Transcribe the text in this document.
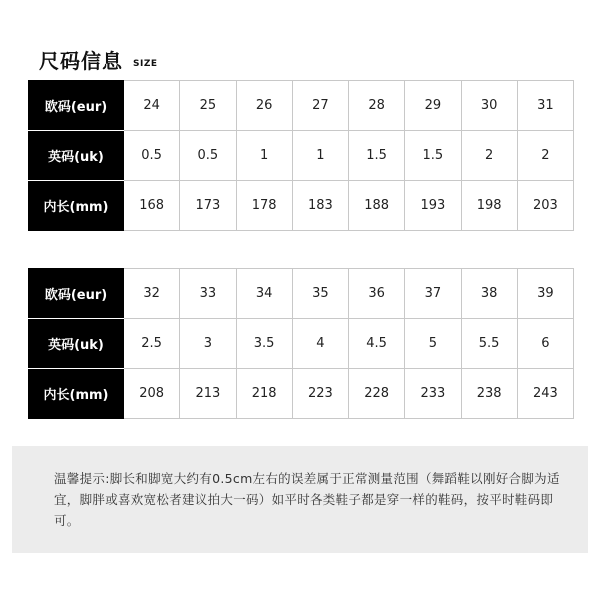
尺码信息 SIZE
欧码(eur)	24	25	26	27	28	29	30	31
英码(uk)	0.5	0.5	1	1	1.5	1.5	2	2
内长(mm)	168	173	178	183	188	193	198	203
欧码(eur)	32	33	34	35	36	37	38	39
英码(uk)	2.5	3	3.5	4	4.5	5	5.5	6
内长(mm)	208	213	218	223	228	233	238	243

温馨提示:脚长和脚宽大约有0.5cm左右的误差属于正常测量范围（舞蹈鞋以刚好合脚为适宜，脚胖或喜欢宽松者建议拍大一码）如平时各类鞋子都是穿一样的鞋码，按平时鞋码即可。
